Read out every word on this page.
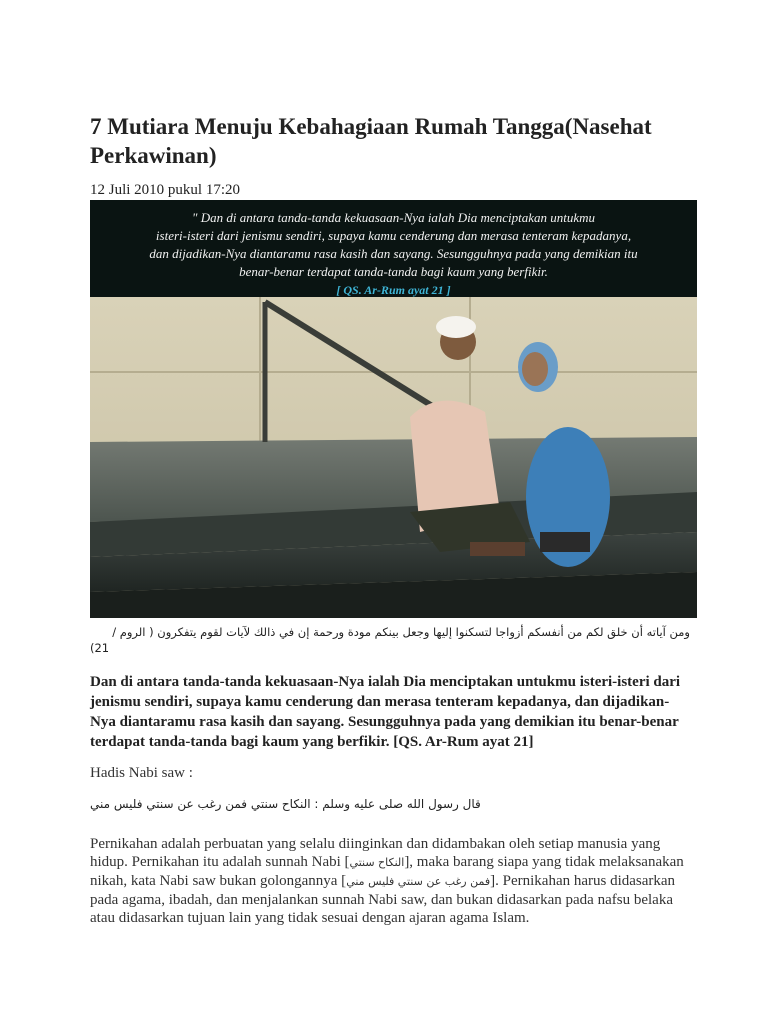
7 Mutiara Menuju Kebahagiaan Rumah Tangga(Nasehat Perkawinan)
12 Juli 2010 pukul 17:20
" Dan di antara tanda-tanda kekuasaan-Nya ialah Dia menciptakan untukmu
isteri-isteri dari jenismu sendiri, supaya kamu cenderung dan merasa tenteram kepadanya,
dan dijadikan-Nya diantaramu rasa kasih dan sayang. Sesungguhnya pada yang demikian itu
benar-benar terdapat tanda-tanda bagi kaum yang berfikir.
[ QS. Ar-Rum ayat 21 ]
ومن آياته أن خلق لكم من أنفسكم أزواجا لتسكنوا إليها وجعل بينكم مودة ورحمة إن في ذالك لآيات لقوم يتفكرون ( الروم /
(21
Dan di antara tanda-tanda kekuasaan-Nya ialah Dia menciptakan untukmu isteri-isteri dari jenismu sendiri, supaya kamu cenderung dan merasa tenteram kepadanya, dan dijadikan-Nya diantaramu rasa kasih dan sayang. Sesungguhnya pada yang demikian itu benar-benar terdapat tanda-tanda bagi kaum yang berfikir. [QS. Ar-Rum ayat 21]
Hadis Nabi saw :
قال رسول الله صلى عليه وسلم : النكاح سنتي فمن رغب عن سنتي فليس مني

Pernikahan adalah perbuatan yang selalu diinginkan dan didambakan oleh setiap manusia yang hidup. Pernikahan itu adalah sunnah Nabi [النكاح سنتي], maka barang siapa yang tidak melaksanakan nikah, kata Nabi saw bukan golongannya [فمن رغب عن سنتي فليس مني]. Pernikahan harus didasarkan pada agama, ibadah, dan menjalankan sunnah Nabi saw, dan bukan didasarkan pada nafsu belaka atau didasarkan tujuan lain yang tidak sesuai dengan ajaran agama Islam.
